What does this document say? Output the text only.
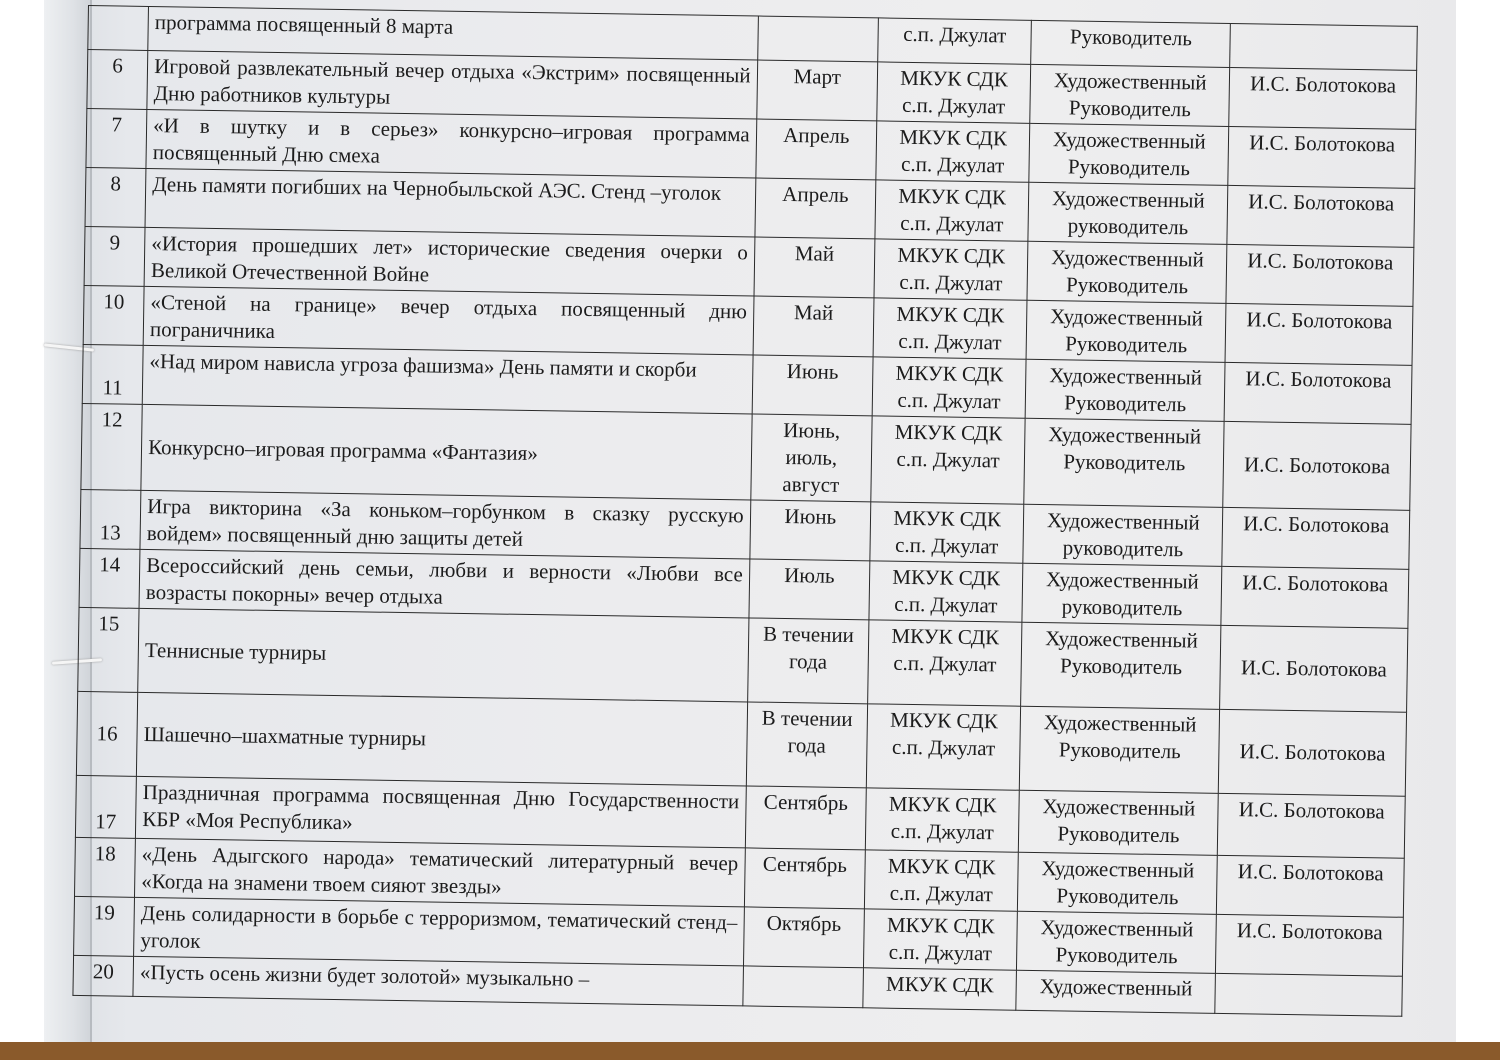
	программа посвященный 8 марта		с.п. Джулат	Руководитель	
6	Игровой развлекательный вечер отдыха «Экстрим» посвященный Дню работников культуры	Март	МКУК СДК с.п. Джулат	Художественный Руководитель	И.С. Болотокова
7	«И в шутку и в серьез» конкурсно–игровая программа посвященный Дню смеха	Апрель	МКУК СДК с.п. Джулат	Художественный Руководитель	И.С. Болотокова
8	День памяти погибших на Чернобыльской АЭС. Стенд –уголок	Апрель	МКУК СДК с.п. Джулат	Художественный руководитель	И.С. Болотокова
9	«История прошедших лет» исторические сведения очерки о Великой Отечественной Войне	Май	МКУК СДК с.п. Джулат	Художественный Руководитель	И.С. Болотокова
10	«Стеной на границе» вечер отдыха посвященный дню пограничника	Май	МКУК СДК с.п. Джулат	Художественный Руководитель	И.С. Болотокова
11	«Над миром нависла угроза фашизма» День памяти и скорби	Июнь	МКУК СДК с.п. Джулат	Художественный Руководитель	И.С. Болотокова
12	Конкурсно–игровая программа «Фантазия»	Июнь, июль, август	МКУК СДК с.п. Джулат	Художественный Руководитель	И.С. Болотокова
13	Игра викторина «За коньком–горбунком в сказку русскую войдем» посвященный дню защиты детей	Июнь	МКУК СДК с.п. Джулат	Художественный руководитель	И.С. Болотокова
14	Всероссийский день семьи, любви и верности «Любви все возрасты покорны» вечер отдыха	Июль	МКУК СДК с.п. Джулат	Художественный руководитель	И.С. Болотокова
15	Теннисные турниры	В течении года	МКУК СДК с.п. Джулат	Художественный Руководитель	И.С. Болотокова
16	Шашечно–шахматные турниры	В течении года	МКУК СДК с.п. Джулат	Художественный Руководитель	И.С. Болотокова
17	Праздничная программа посвященная Дню Государственности КБР «Моя Республика»	Сентябрь	МКУК СДК с.п. Джулат	Художественный Руководитель	И.С. Болотокова
18	«День Адыгского народа» тематический литературный вечер «Когда на знамени твоем сияют звезды»	Сентябрь	МКУК СДК с.п. Джулат	Художественный Руководитель	И.С. Болотокова
19	День солидарности в борьбе с терроризмом, тематический стенд–уголок	Октябрь	МКУК СДК с.п. Джулат	Художественный Руководитель	И.С. Болотокова
20	«Пусть осень жизни будет золотой» музыкально –		МКУК СДК	Художественный	
